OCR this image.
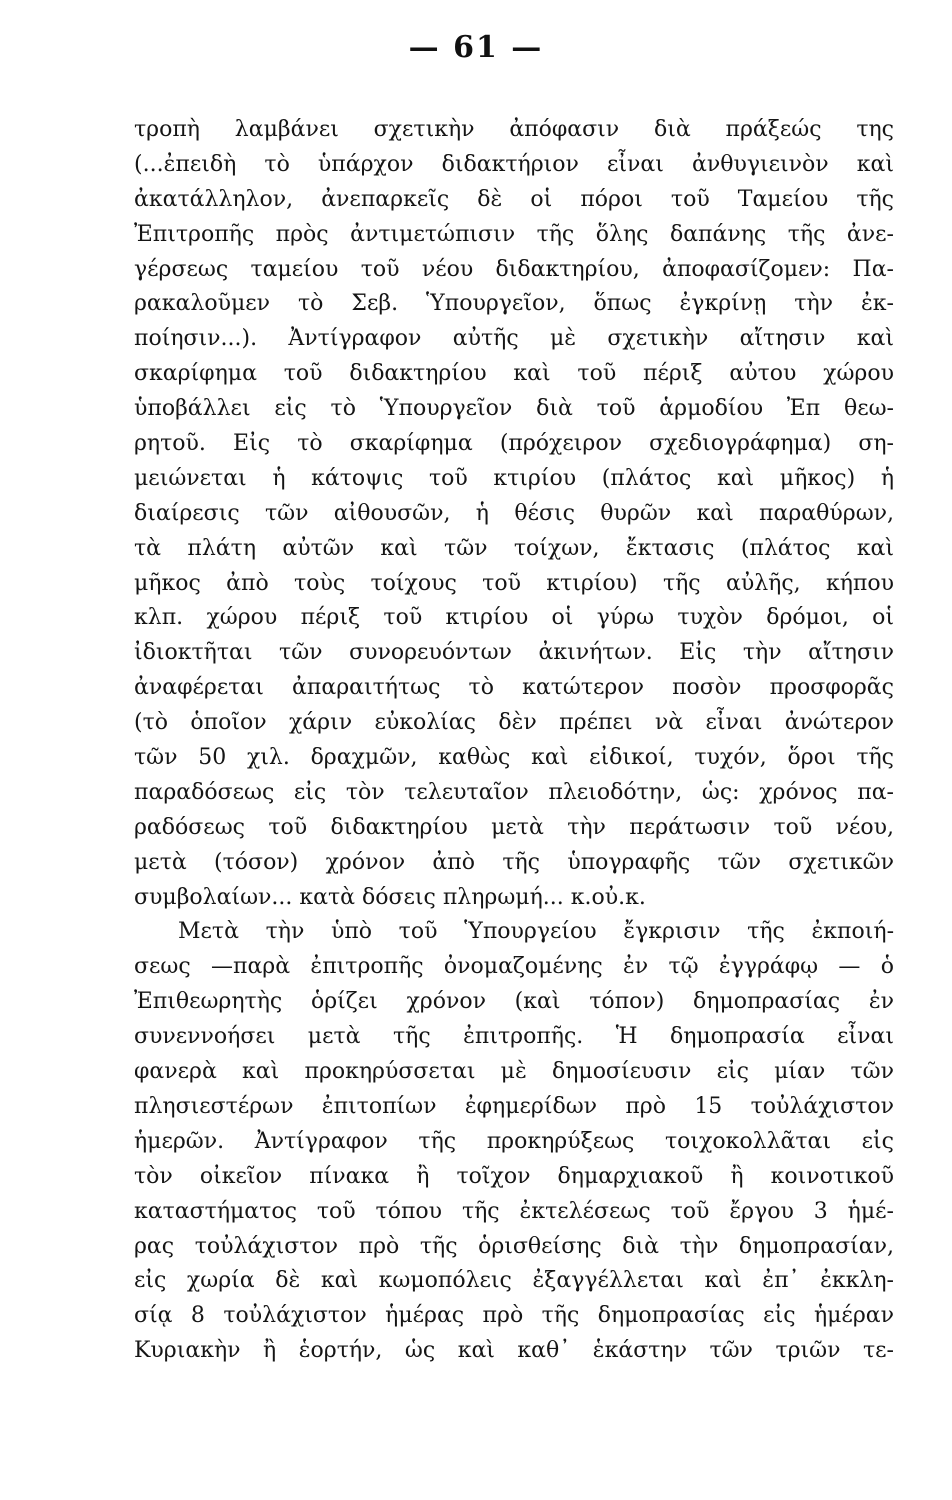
— 61 —
τροπὴ λαμβάνει σχετικὴν ἀπόφασιν διὰ πράξεώς της
(...ἐπειδὴ τὸ ὑπάρχον διδακτήριον εἶναι ἀνθυγιεινὸν καὶ
ἀκατάλληλον, ἀνεπαρκεῖς δὲ οἱ πόροι τοῦ Ταμείου τῆς
Ἐπιτροπῆς πρὸς ἀντιμετώπισιν τῆς ὅλης δαπάνης τῆς ἀνε-
γέρσεως ταμείου τοῦ νέου διδακτηρίου, ἀποφασίζομεν: Πα-
ρακαλοῦμεν τὸ Σεβ. Ὑπουργεῖον, ὅπως ἐγκρίνῃ τὴν ἐκ-
ποίησιν...). Ἀντίγραφον αὐτῆς μὲ σχετικὴν αἴτησιν καὶ
σκαρίφημα τοῦ διδακτηρίου καὶ τοῦ πέριξ αὐτου χώρου
ὑποβάλλει εἰς τὸ Ὑπουργεῖον διὰ τοῦ ἁρμοδίου Ἐπ θεω-
ρητοῦ. Εἰς τὸ σκαρίφημα (πρόχειρον σχεδιογράφημα) ση-
μειώνεται ἡ κάτοψις τοῦ κτιρίου (πλάτος καὶ μῆκος) ἡ
διαίρεσις τῶν αἰθουσῶν, ἡ θέσις θυρῶν καὶ παραθύρων,
τὰ πλάτη αὐτῶν καὶ τῶν τοίχων, ἔκτασις (πλάτος καὶ
μῆκος ἀπὸ τοὺς τοίχους τοῦ κτιρίου) τῆς αὐλῆς, κήπου
κλπ. χώρου πέριξ τοῦ κτιρίου οἱ γύρω τυχὸν δρόμοι, οἱ
ἰδιοκτῆται τῶν συνορευόντων ἀκινήτων. Εἰς τὴν αἴτησιν
ἀναφέρεται ἀπαραιτήτως τὸ κατώτερον ποσὸν προσφορᾶς
(τὸ ὁποῖον χάριν εὐκολίας δὲν πρέπει νὰ εἶναι ἀνώτερον
τῶν 50 χιλ. δραχμῶν, καθὼς καὶ εἰδικοί, τυχόν, ὅροι τῆς
παραδόσεως εἰς τὸν τελευταῖον πλειοδότην, ὡς: χρόνος πα-
ραδόσεως τοῦ διδακτηρίου μετὰ τὴν περάτωσιν τοῦ νέου,
μετὰ (τόσον) χρόνον ἀπὸ τῆς ὑπογραφῆς τῶν σχετικῶν
συμβολαίων... κατὰ δόσεις πληρωμή... κ.οὐ.κ.
Μετὰ τὴν ὑπὸ τοῦ Ὑπουργείου ἔγκρισιν τῆς ἐκποιή-
σεως —παρὰ ἐπιτροπῆς ὀνομαζομένης ἐν τῷ ἐγγράφῳ — ὁ
Ἐπιθεωρητὴς ὁρίζει χρόνον (καὶ τόπον) δημοπρασίας ἐν
συνεννοήσει μετὰ τῆς ἐπιτροπῆς. Ἡ δημοπρασία εἶναι
φανερὰ καὶ προκηρύσσεται μὲ δημοσίευσιν εἰς μίαν τῶν
πλησιεστέρων ἐπιτοπίων ἐφημερίδων πρὸ 15 τοὐλάχιστον
ἡμερῶν. Ἀντίγραφον τῆς προκηρύξεως τοιχοκολλᾶται εἰς
τὸν οἰκεῖον πίνακα ἢ τοῖχον δημαρχιακοῦ ἢ κοινοτικοῦ
καταστήματος τοῦ τόπου τῆς ἐκτελέσεως τοῦ ἔργου 3 ἡμέ-
ρας τοὐλάχιστον πρὸ τῆς ὁρισθείσης διὰ τὴν δημοπρασίαν,
εἰς χωρία δὲ καὶ κωμοπόλεις ἐξαγγέλλεται καὶ ἐπ᾽ ἐκκλη-
σίᾳ 8 τοὐλάχιστον ἡμέρας πρὸ τῆς δημοπρασίας εἰς ἡμέραν
Κυριακὴν ἢ ἑορτήν, ὡς καὶ καθ᾽ ἑκάστην τῶν τριῶν τε-
